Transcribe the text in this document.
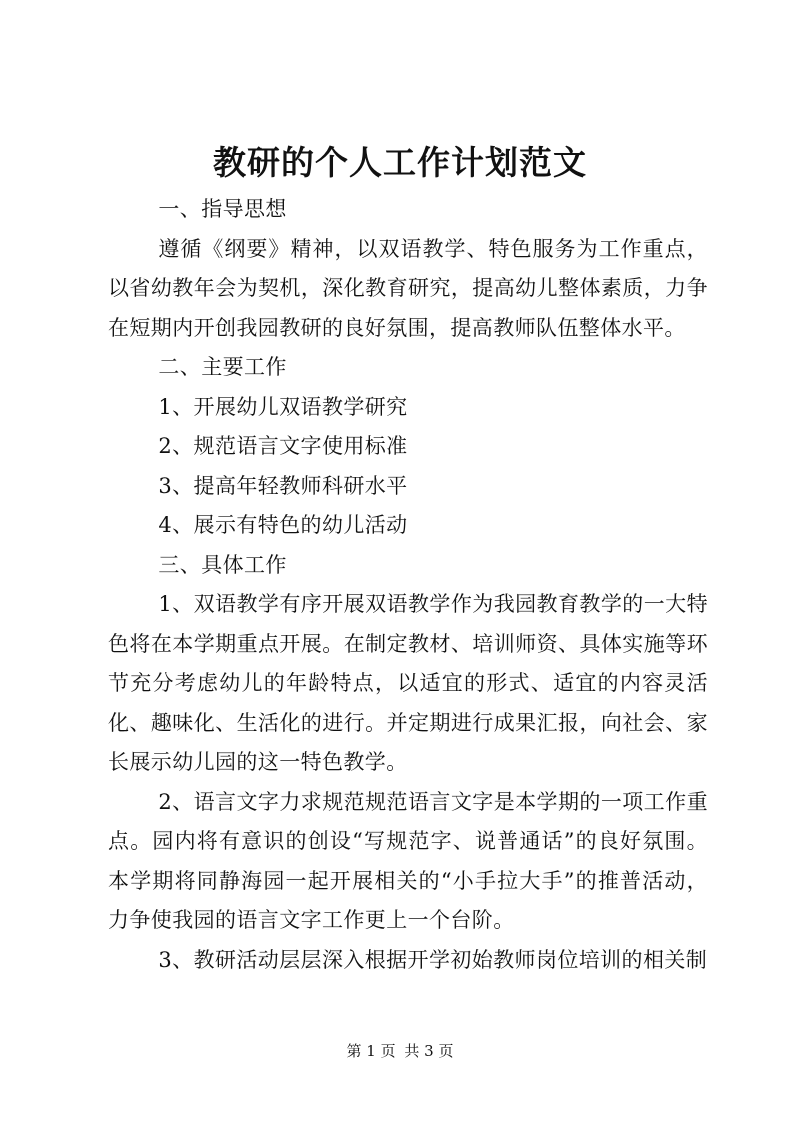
教研的个人工作计划范文

一、指导思想

遵循《纲要》精神，以双语教学、特色服务为工作重点，以省幼教年会为契机，深化教育研究，提高幼儿整体素质，力争在短期内开创我园教研的良好氛围，提高教师队伍整体水平。

二、主要工作

1、开展幼儿双语教学研究

2、规范语言文字使用标准

3、提高年轻教师科研水平

4、展示有特色的幼儿活动

三、具体工作

1、双语教学有序开展双语教学作为我园教育教学的一大特色将在本学期重点开展。在制定教材、培训师资、具体实施等环节充分考虑幼儿的年龄特点，以适宜的形式、适宜的内容灵活化、趣味化、生活化的进行。并定期进行成果汇报，向社会、家长展示幼儿园的这一特色教学。

2、语言文字力求规范规范语言文字是本学期的一项工作重点。园内将有意识的创设“写规范字、说普通话”的良好氛围。本学期将同静海园一起开展相关的“小手拉大手”的推普活动，力争使我园的语言文字工作更上一个台阶。

3、教研活动层层深入根据开学初始教师岗位培训的相关制

第 1 页 共 3 页
